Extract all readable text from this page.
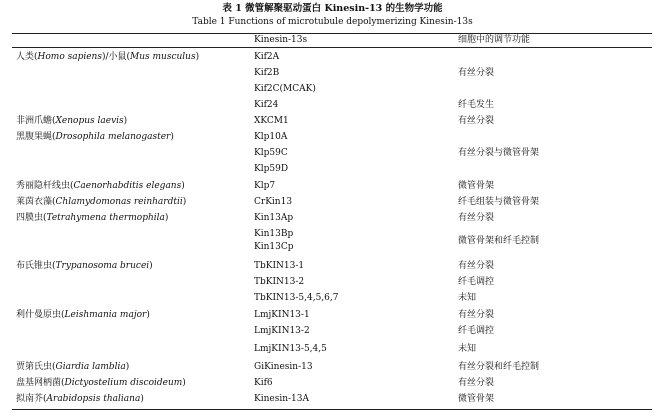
表 1 微管解聚驱动蛋白 Kinesin-13 的生物学功能
Table 1 Functions of microtubule depolymerizing Kinesin-13s
Kinesin-13s	细胞中的调节功能
人类(Homo sapiens)/小鼠(Mus musculus)
非洲爪蟾(Xenopus laevis)
黑腹果蝇(Drosophila melanogaster)
秀丽隐杆线虫(Caenorhabditis elegans)
莱茵衣藻(Chlamydomonas reinhardtii)
四膜虫(Tetrahymena thermophila)
布氏锥虫(Trypanosoma brucei)
利什曼原虫(Leishmania major)
贾第氏虫(Giardia lamblia)
盘基网柄菌(Dictyostelium discoideum)
拟南芥(Arabidopsis thaliana)
Kif2A
Kif2B
Kif2C(MCAK)
Kif24
XKCM1
Klp10A
Klp59C
Klp59D
Klp7
CrKin13
Kin13Ap
Kin13Bp
Kin13Cp
TbKIN13-1
TbKIN13-2
TbKIN13-5,4,5,6,7
LmjKIN13-1
LmjKIN13-2
LmjKIN13-5,4,5
GiKinesin-13
Kif6
Kinesin-13A
有丝分裂
纤毛发生
有丝分裂
有丝分裂与微管骨架
微管骨架
纤毛组装与微管骨架
有丝分裂
微管骨架和纤毛控制
有丝分裂
纤毛调控
未知
有丝分裂
纤毛调控
未知
有丝分裂和纤毛控制
有丝分裂
微管骨架
